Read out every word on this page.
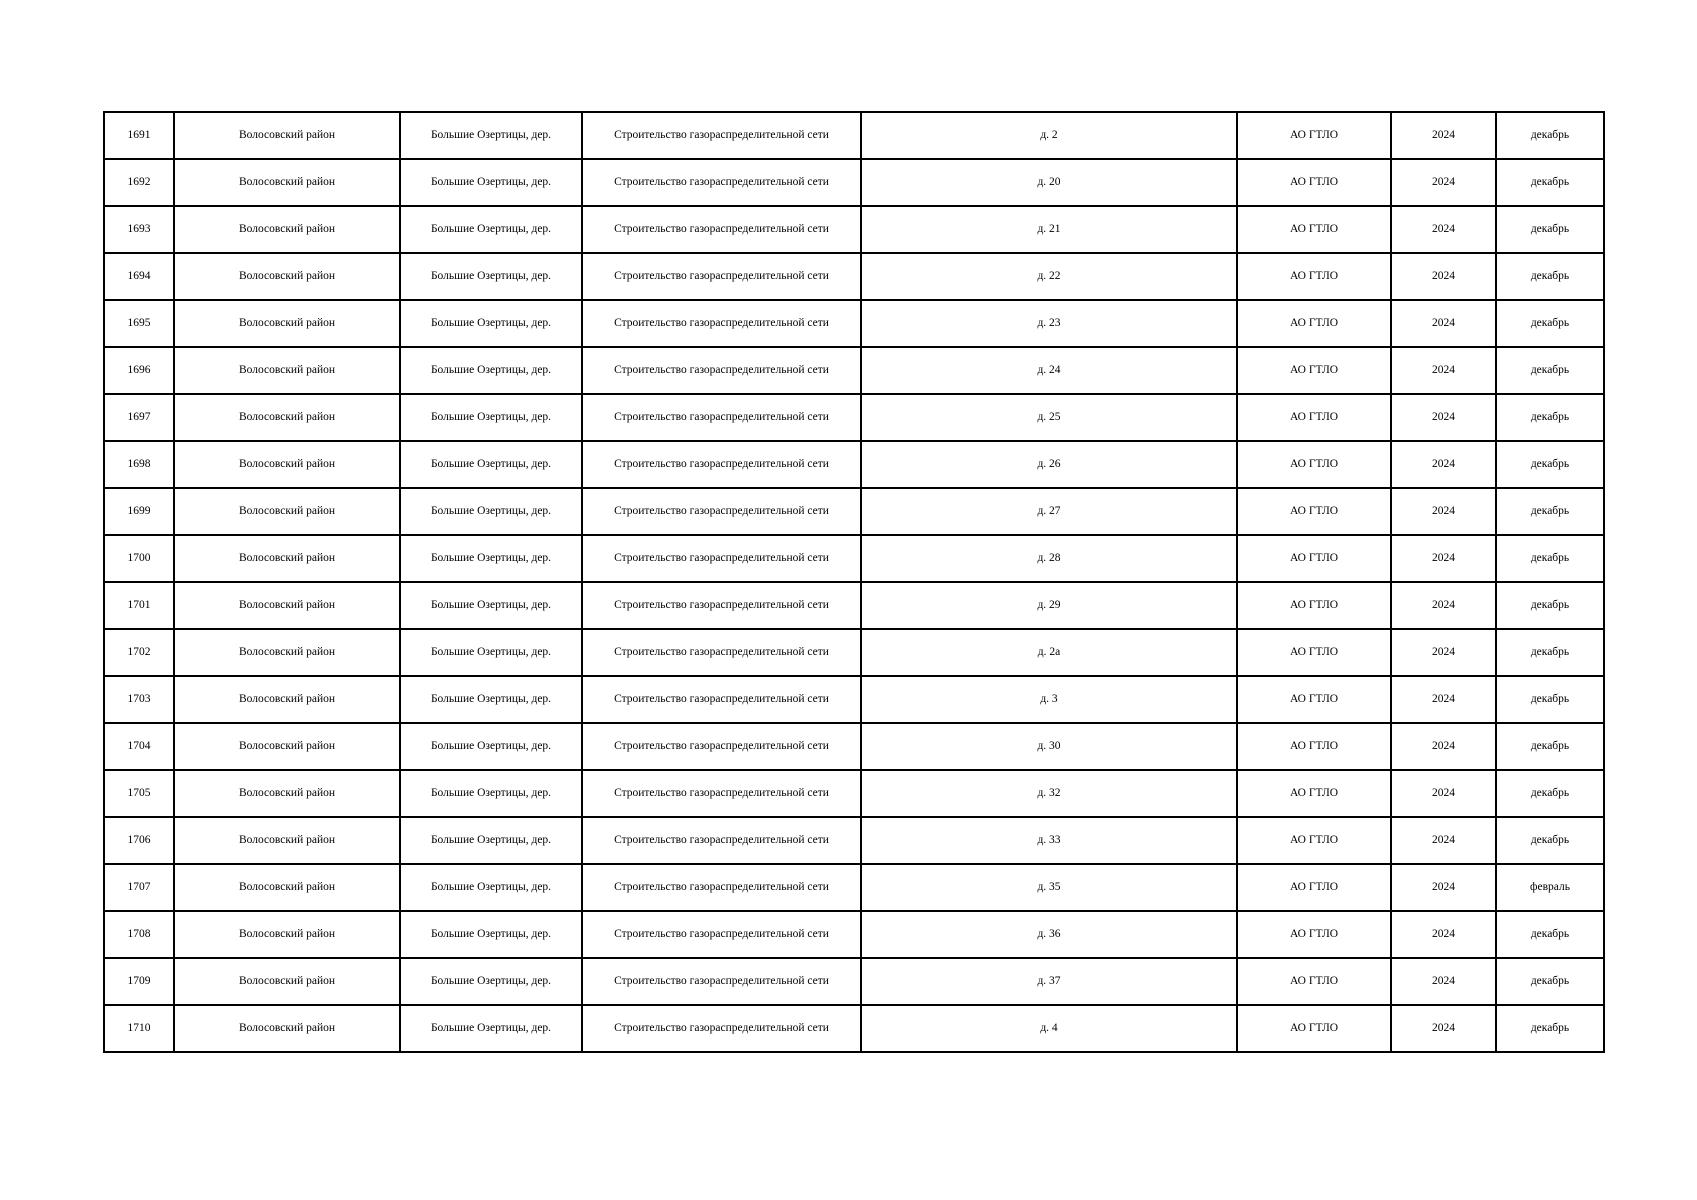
1691	Волосовский район	Большие Озертицы, дер.	Строительство газораспределительной сети	д. 2	АО ГТЛО	2024	декабрь
1692	Волосовский район	Большие Озертицы, дер.	Строительство газораспределительной сети	д. 20	АО ГТЛО	2024	декабрь
1693	Волосовский район	Большие Озертицы, дер.	Строительство газораспределительной сети	д. 21	АО ГТЛО	2024	декабрь
1694	Волосовский район	Большие Озертицы, дер.	Строительство газораспределительной сети	д. 22	АО ГТЛО	2024	декабрь
1695	Волосовский район	Большие Озертицы, дер.	Строительство газораспределительной сети	д. 23	АО ГТЛО	2024	декабрь
1696	Волосовский район	Большие Озертицы, дер.	Строительство газораспределительной сети	д. 24	АО ГТЛО	2024	декабрь
1697	Волосовский район	Большие Озертицы, дер.	Строительство газораспределительной сети	д. 25	АО ГТЛО	2024	декабрь
1698	Волосовский район	Большие Озертицы, дер.	Строительство газораспределительной сети	д. 26	АО ГТЛО	2024	декабрь
1699	Волосовский район	Большие Озертицы, дер.	Строительство газораспределительной сети	д. 27	АО ГТЛО	2024	декабрь
1700	Волосовский район	Большие Озертицы, дер.	Строительство газораспределительной сети	д. 28	АО ГТЛО	2024	декабрь
1701	Волосовский район	Большие Озертицы, дер.	Строительство газораспределительной сети	д. 29	АО ГТЛО	2024	декабрь
1702	Волосовский район	Большие Озертицы, дер.	Строительство газораспределительной сети	д. 2а	АО ГТЛО	2024	декабрь
1703	Волосовский район	Большие Озертицы, дер.	Строительство газораспределительной сети	д. 3	АО ГТЛО	2024	декабрь
1704	Волосовский район	Большие Озертицы, дер.	Строительство газораспределительной сети	д. 30	АО ГТЛО	2024	декабрь
1705	Волосовский район	Большие Озертицы, дер.	Строительство газораспределительной сети	д. 32	АО ГТЛО	2024	декабрь
1706	Волосовский район	Большие Озертицы, дер.	Строительство газораспределительной сети	д. 33	АО ГТЛО	2024	декабрь
1707	Волосовский район	Большие Озертицы, дер.	Строительство газораспределительной сети	д. 35	АО ГТЛО	2024	февраль
1708	Волосовский район	Большие Озертицы, дер.	Строительство газораспределительной сети	д. 36	АО ГТЛО	2024	декабрь
1709	Волосовский район	Большие Озертицы, дер.	Строительство газораспределительной сети	д. 37	АО ГТЛО	2024	декабрь
1710	Волосовский район	Большие Озертицы, дер.	Строительство газораспределительной сети	д. 4	АО ГТЛО	2024	декабрь
